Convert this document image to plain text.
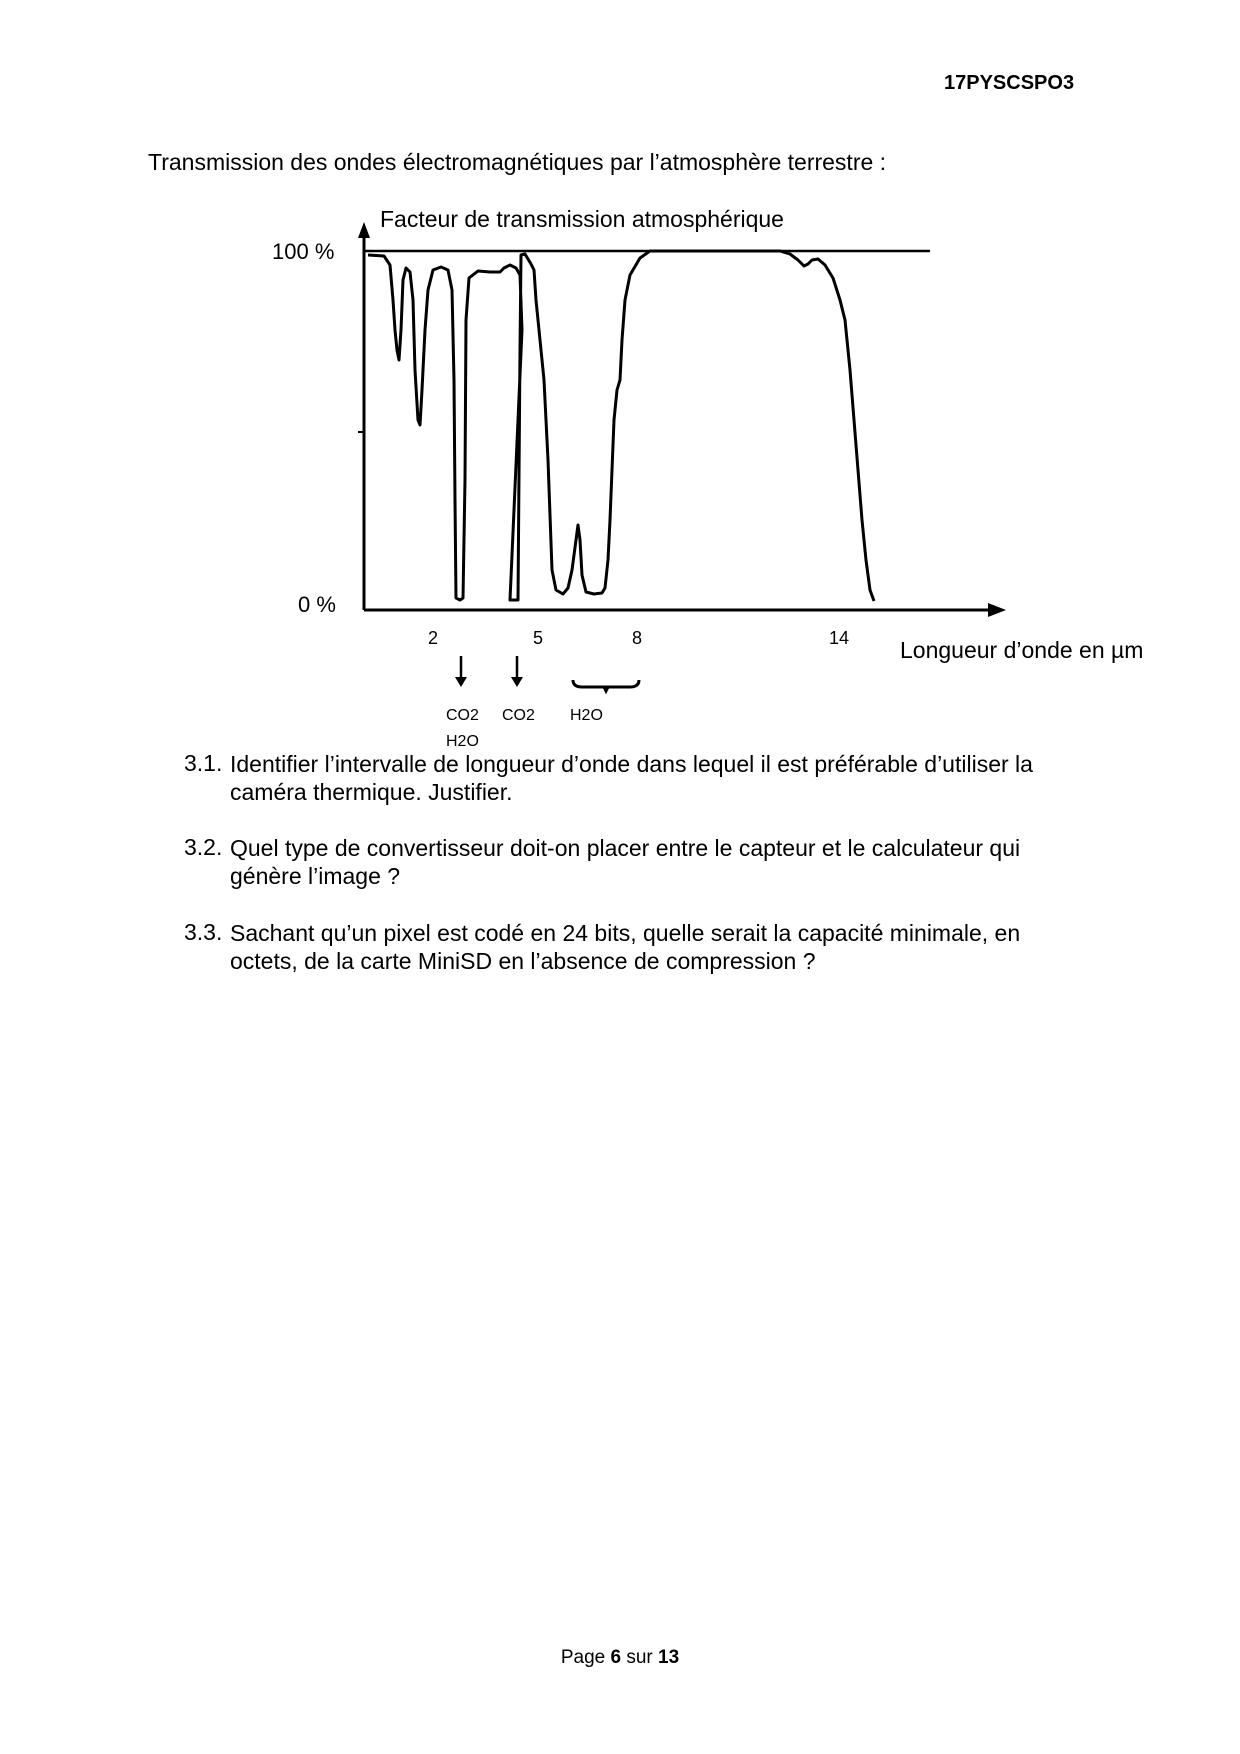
17PYSCSPO3
Transmission des ondes électromagnétiques par l’atmosphère terrestre :
Facteur de transmission atmosphérique
100 %
0 %
2	5	8	14 Longueur d’onde en µm
CO2
H2O
CO2 H2O
3.1. Identifier l’intervalle de longueur d’onde dans lequel il est préférable d’utiliser la caméra thermique. Justifier.
3.2. Quel type de convertisseur doit-on placer entre le capteur et le calculateur qui génère l’image ?
3.3. Sachant qu’un pixel est codé en 24 bits, quelle serait la capacité minimale, en octets, de la carte MiniSD en l’absence de compression ?
Page 6 sur 13
